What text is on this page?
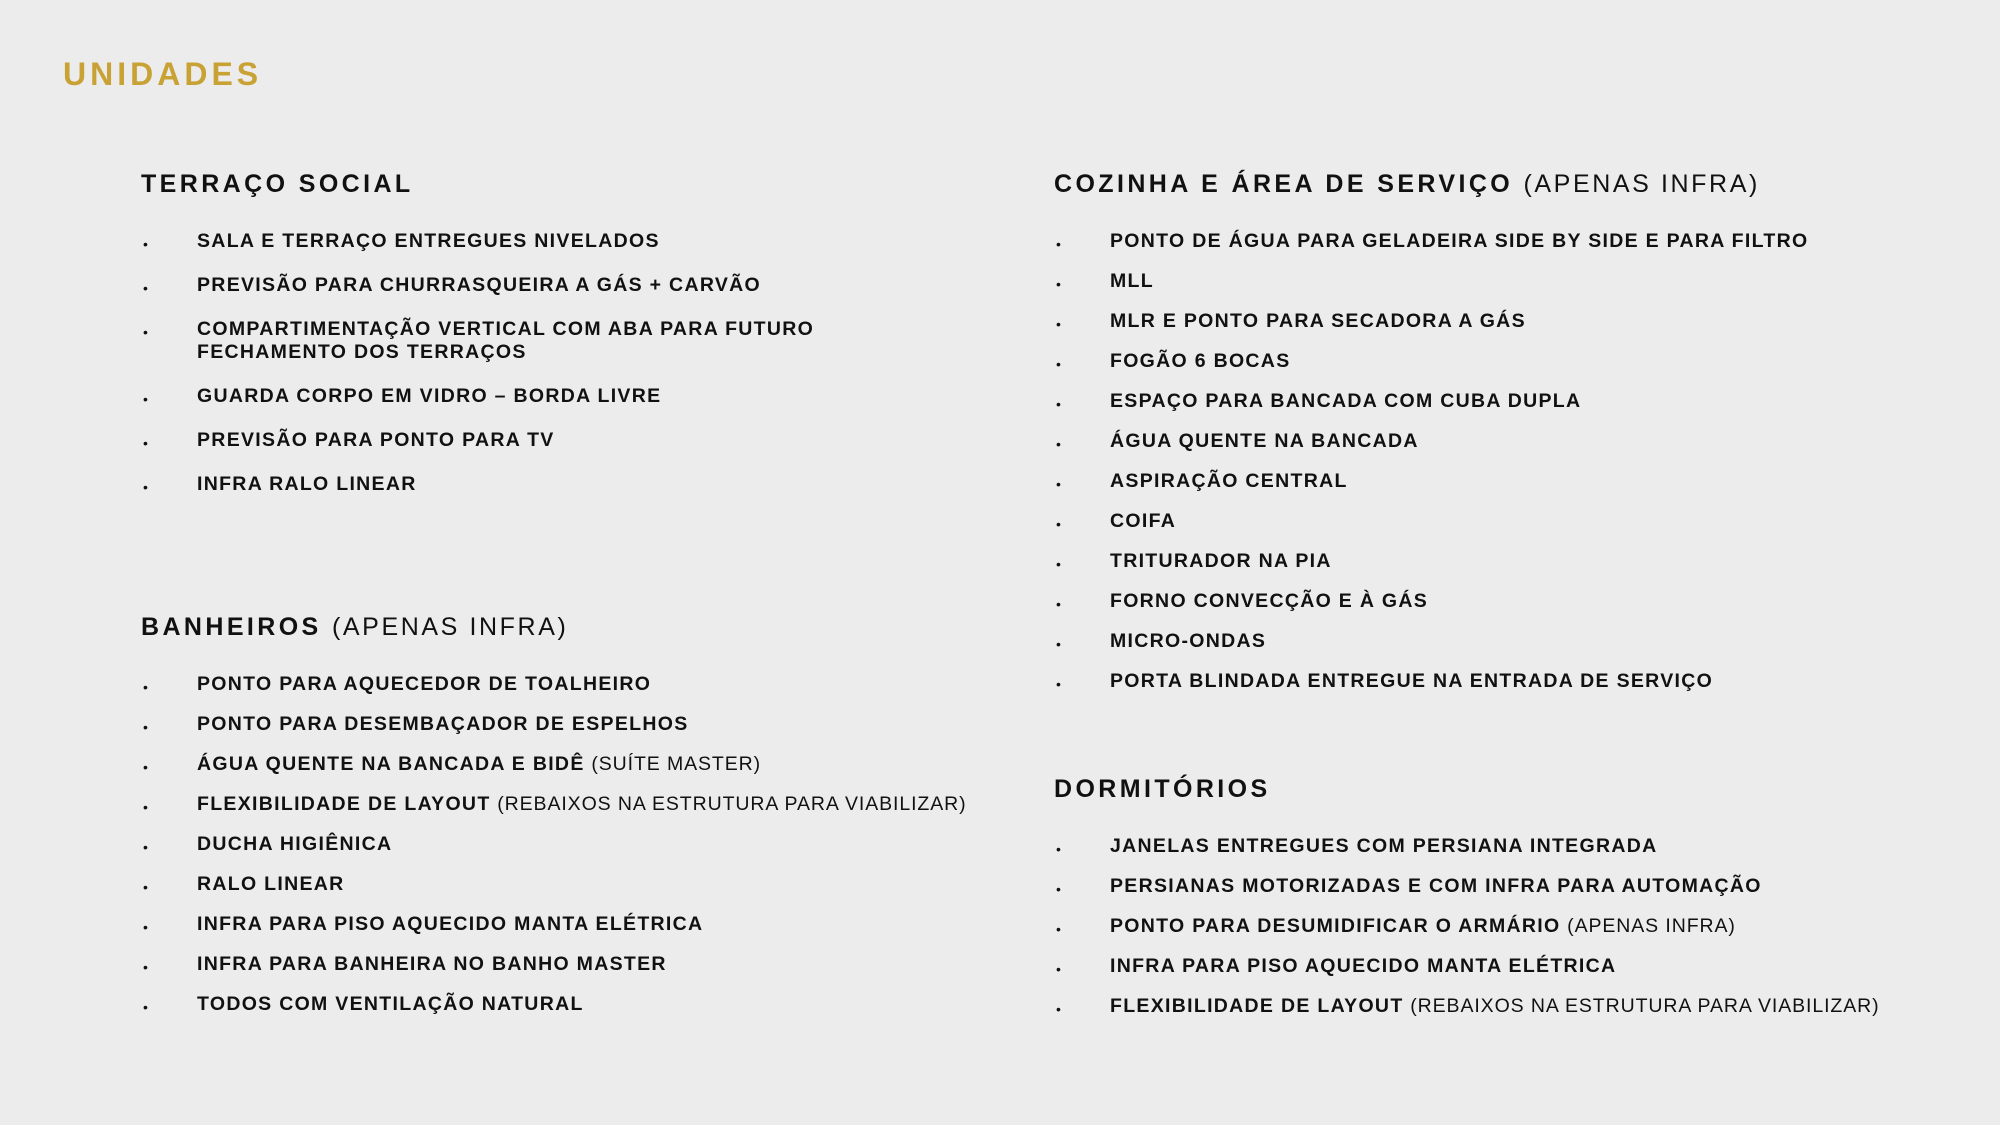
UNIDADES
TERRAÇO SOCIAL
• SALA E TERRAÇO ENTREGUES NIVELADOS
• PREVISÃO PARA CHURRASQUEIRA A GÁS + CARVÃO
• COMPARTIMENTAÇÃO VERTICAL COM ABA PARA FUTURO
FECHAMENTO DOS TERRAÇOS
• GUARDA CORPO EM VIDRO – BORDA LIVRE
• PREVISÃO PARA PONTO PARA TV
• INFRA RALO LINEAR
BANHEIROS (APENAS INFRA)
• PONTO PARA AQUECEDOR DE TOALHEIRO
• PONTO PARA DESEMBAÇADOR DE ESPELHOS
• ÁGUA QUENTE NA BANCADA E BIDÊ (SUÍTE MASTER)
• FLEXIBILIDADE DE LAYOUT (REBAIXOS NA ESTRUTURA PARA VIABILIZAR)
• DUCHA HIGIÊNICA
• RALO LINEAR
• INFRA PARA PISO AQUECIDO MANTA ELÉTRICA
• INFRA PARA BANHEIRA NO BANHO MASTER
• TODOS COM VENTILAÇÃO NATURAL
COZINHA E ÁREA DE SERVIÇO (APENAS INFRA)
• PONTO DE ÁGUA PARA GELADEIRA SIDE BY SIDE E PARA FILTRO
• MLL
• MLR E PONTO PARA SECADORA A GÁS
• FOGÃO 6 BOCAS
• ESPAÇO PARA BANCADA COM CUBA DUPLA
• ÁGUA QUENTE NA BANCADA
• ASPIRAÇÃO CENTRAL
• COIFA
• TRITURADOR NA PIA
• FORNO CONVECÇÃO E À GÁS
• MICRO-ONDAS
• PORTA BLINDADA ENTREGUE NA ENTRADA DE SERVIÇO
DORMITÓRIOS
• JANELAS ENTREGUES COM PERSIANA INTEGRADA
• PERSIANAS MOTORIZADAS E COM INFRA PARA AUTOMAÇÃO
• PONTO PARA DESUMIDIFICAR O ARMÁRIO (APENAS INFRA)
• INFRA PARA PISO AQUECIDO MANTA ELÉTRICA
• FLEXIBILIDADE DE LAYOUT (REBAIXOS NA ESTRUTURA PARA VIABILIZAR)
